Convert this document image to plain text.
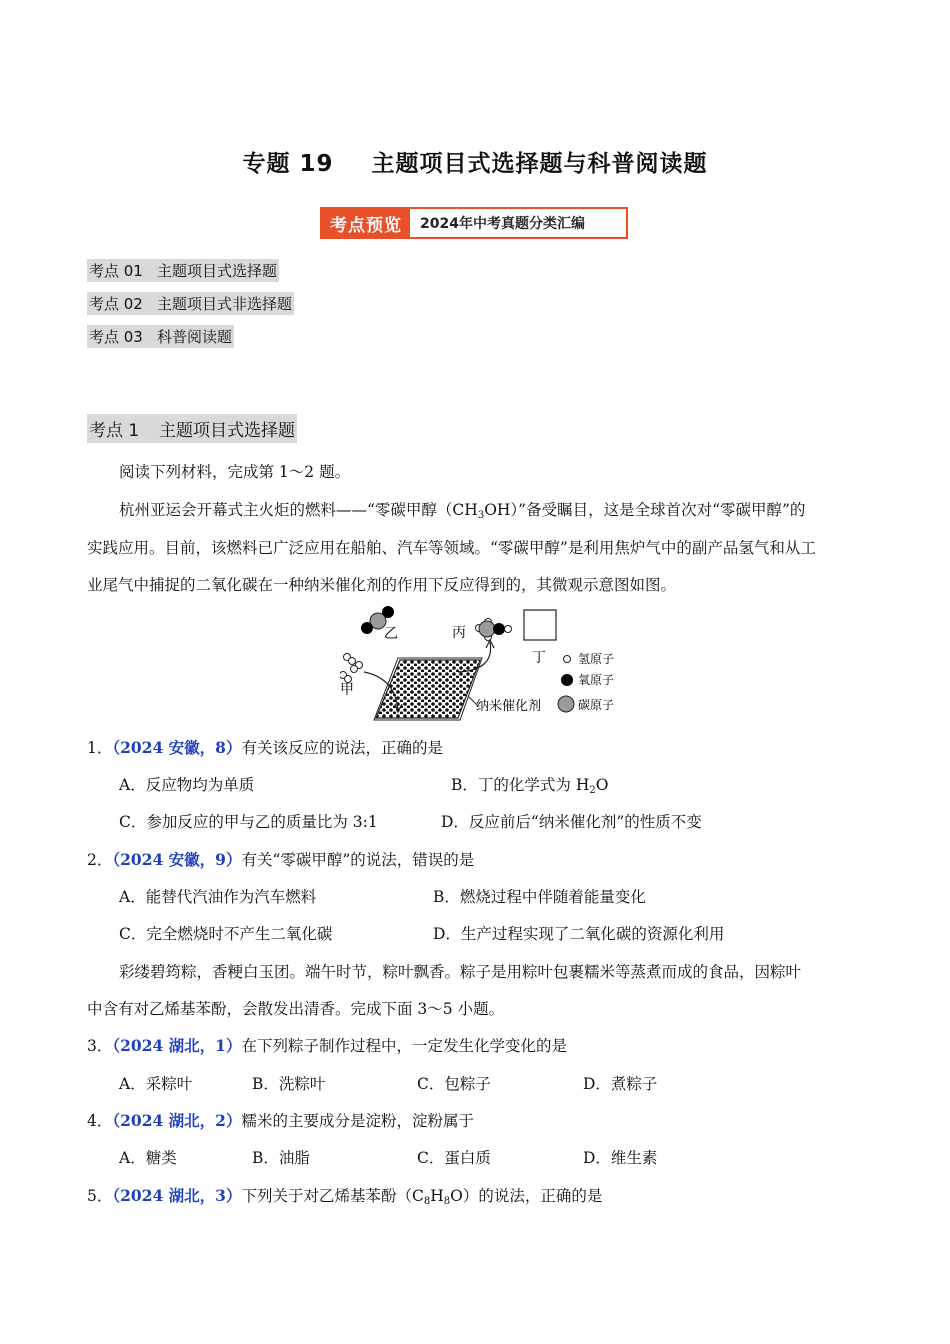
专题 19 主题项目式选择题与科普阅读题
考点预览	2024年中考真题分类汇编
考点 01 主题项目式选择题
考点 02 主题项目式非选择题
考点 03 科普阅读题
考点 1 主题项目式选择题
阅读下列材料，完成第 1～2 题。
杭州亚运会开幕式主火炬的燃料——“零碳甲醇$(CH_3OH)$”备受瞩目，这是全球首次对“零碳甲醇”的
实践应用。目前，该燃料已广泛应用在船舶、汽车等领域。“零碳甲醇”是利用焦炉气中的副产品氢气和从工
业尾气中捕捉的二氧化碳在一种纳米催化剂的作用下反应得到的，其微观示意图如图。
乙
甲
纳米催化剂
丙
丁	氢原子
氧原子
碳原子
1．（2024 安徽，8）有关该反应的说法，正确的是
A．反应物均为单质	B．丁的化学式为 $H_2O$
C．参加反应的甲与乙的质量比为 3:1	D．反应前后“纳米催化剂”的性质不变
2．（2024 安徽，9）有关“零碳甲醇”的说法，错误的是
A．能替代汽油作为汽车燃料	B．燃烧过程中伴随着能量变化
C．完全燃烧时不产生二氧化碳	D．生产过程实现了二氧化碳的资源化利用
彩缕碧筠粽，香粳白玉团。端午时节，粽叶飘香。粽子是用粽叶包裹糯米等蒸煮而成的食品，因粽叶
中含有对乙烯基苯酚，会散发出清香。完成下面 3～5 小题。
3．（2024 湖北，1）在下列粽子制作过程中，一定发生化学变化的是
A．采粽叶	B．洗粽叶	C．包粽子	D．煮粽子
4．（2024 湖北，2）糯米的主要成分是淀粉，淀粉属于
A．糖类	B．油脂	C．蛋白质	D．维生素
5．（2024 湖北，3）下列关于对乙烯基苯酚$(C_8H_8O)$的说法，正确的是
